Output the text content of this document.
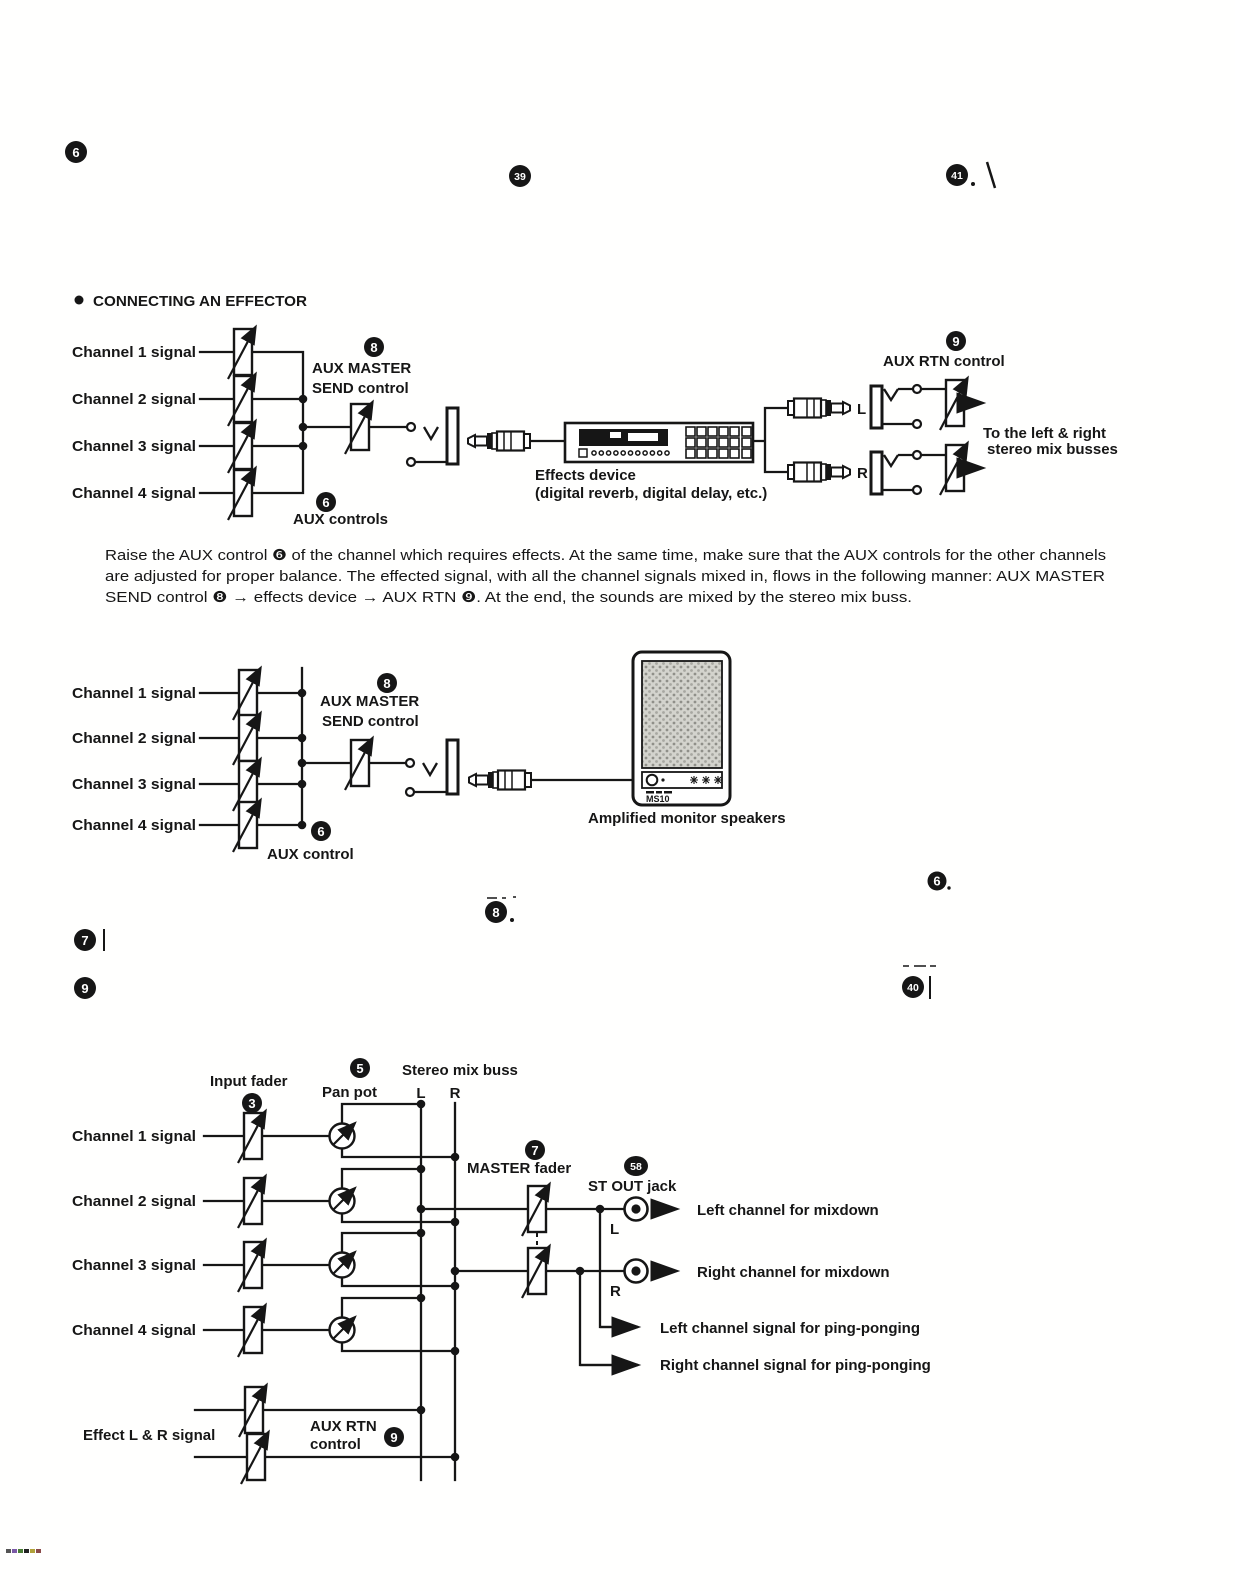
6
39	41
CONNECTING AN EFFECTOR
Channel 1 signal
Channel 2 signal
Channel 3 signal
Channel 4 signal
8
AUX MASTER
SEND control
6
AUX controls
Effects device
(digital reverb, digital delay, etc.)
L
R
9
AUX RTN control
To the left & right
stereo mix busses
Raise the AUX control ❻ of the channel which requires effects. At the same time, make sure that the AUX controls for the other channels
are adjusted for proper balance. The effected signal, with all the channel signals mixed in, flows in the following manner: AUX MASTER
SEND control ❽ → effects device → AUX RTN ❾. At the end, the sounds are mixed by the stereo mix buss.
MS10
Channel 1 signal
Channel 2 signal
Channel 3 signal
Channel 4 signal
8
AUX MASTER
SEND control
6
AUX control
Amplified monitor speakers
8
6
7
9	40
Input fader
3
5
Pan pot
Stereo mix buss
L R
7
MASTER fader	58
ST OUT jack
L
R
Left channel for mixdown
Right channel for mixdown
Left channel signal for ping-ponging
Right channel signal for ping-ponging
Channel 1 signal
Channel 2 signal
Channel 3 signal
Channel 4 signal
Effect L & R signal
AUX RTN
control 9
